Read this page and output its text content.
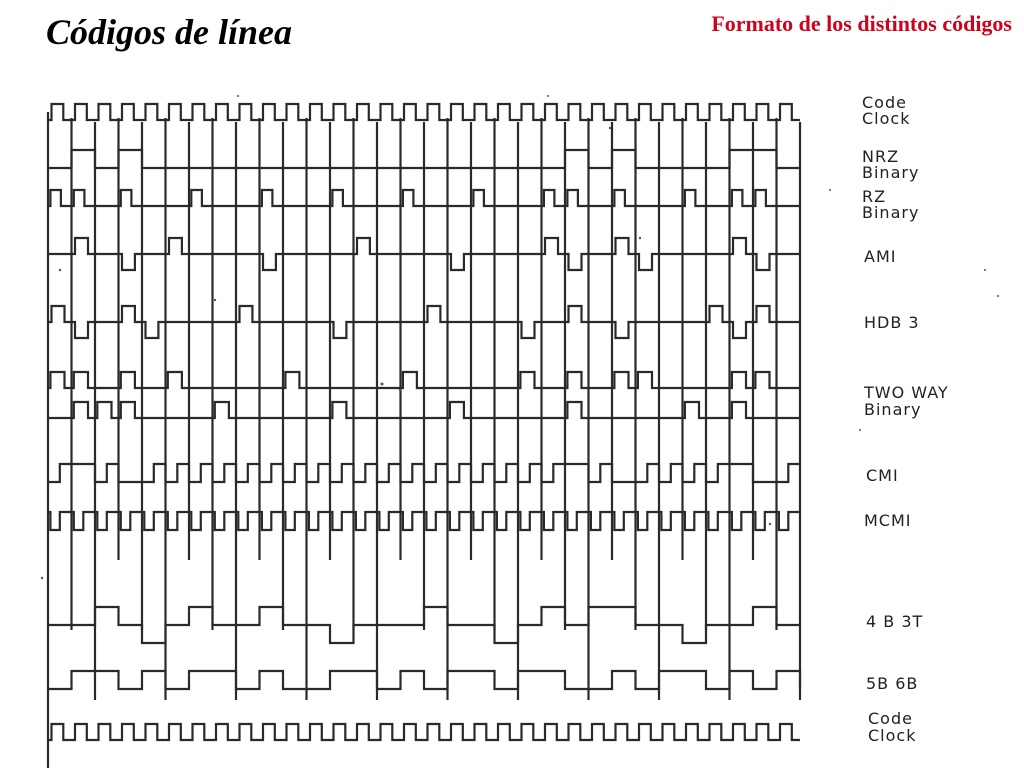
Códigos de línea	Formato de los distintos códigos
Code Clock
NRZ Binary
RZ Binary
AMI
HDB 3
TWO WAY Binary
CMI
MCMI
4 B 3T
5B 6B
Code Clock
